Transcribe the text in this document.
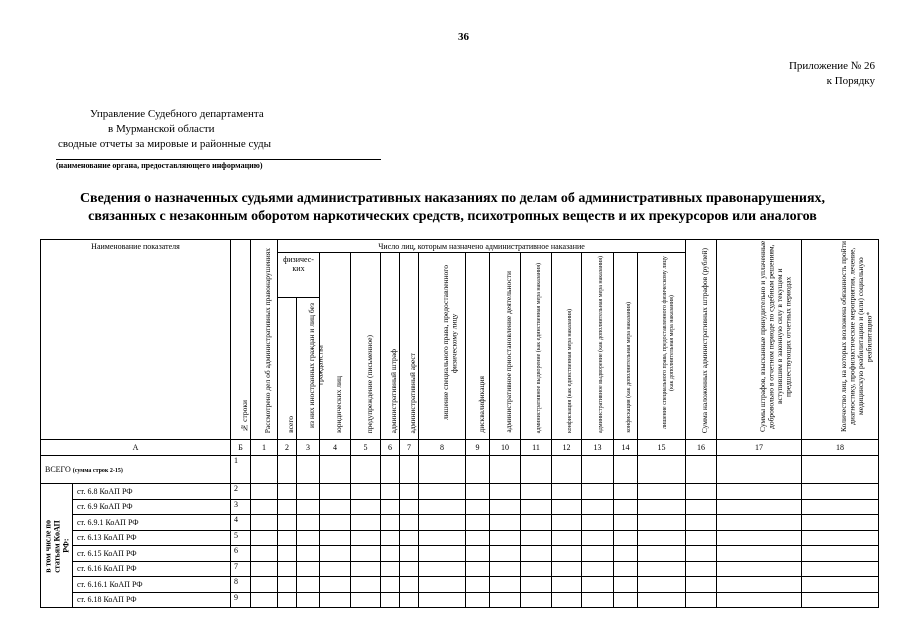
36
Приложение № 26
к Порядку
Управление Судебного департамента
в Мурманской области
сводные отчеты за мировые и районные суды
(наименование органа, предоставляющего информацию)
Сведения о назначенных судьями административных наказаниях по делам об административных правонарушениях,
связанных с незаконным оборотом наркотических средств, психотропных веществ и их прекурсоров или аналогов
Наименование показателя		№ строки	Рассмотрено дел об административных правонарушениях	Число лиц, которым назначено административное наказание														Сумма наложенных административных штрафов (рублей)	Суммы штрафов, взысканные принудительно и уплаченные добровольно в отчетном периоде по судебным решениям, вступившим в законную силу в текущем и предшествующих отчетных периодах	Количество лиц, на которых возложена обязанность пройти диагностику, профилактические мероприятия, лечение, медицинскую реабилитацию и (или) социальную реабилитацию*

				физичес-ких		юридических лиц	предупреждение (письменное)	административный штраф	административный арест	лишение специального права, предоставленного физическому лицу	дисквалификация	административное приостановление деятельности	административное выдворение (как единственная мера наказания)	конфискация (как единственная мера наказания)	административное выдворение (как дополнительная мера наказания)	конфискация (как дополнительная мера наказания)	лишение специального права, предоставленного физическому лицу (как дополнительная мера наказания)			

				всего	из них иностранных граждан и лиц без гражданства															

А		Б	1	2	3	4	5	6	7	8	9	10	11	12	13	14	15	16	17	18
ВСЕГО (сумма строк 2-15)		1																		

в том числе по статьям КоАП РФ:	ст. 6.8 КоАП РФ	2																		
	ст. 6.9 КоАП РФ	3																		
	ст. 6.9.1 КоАП РФ	4																		
	ст. 6.13 КоАП РФ	5																		
	ст. 6.15 КоАП РФ	6																		
	ст. 6.16 КоАП РФ	7																		
	ст. 6.16.1 КоАП РФ	8																		
	ст. 6.18 КоАП РФ	9																		
